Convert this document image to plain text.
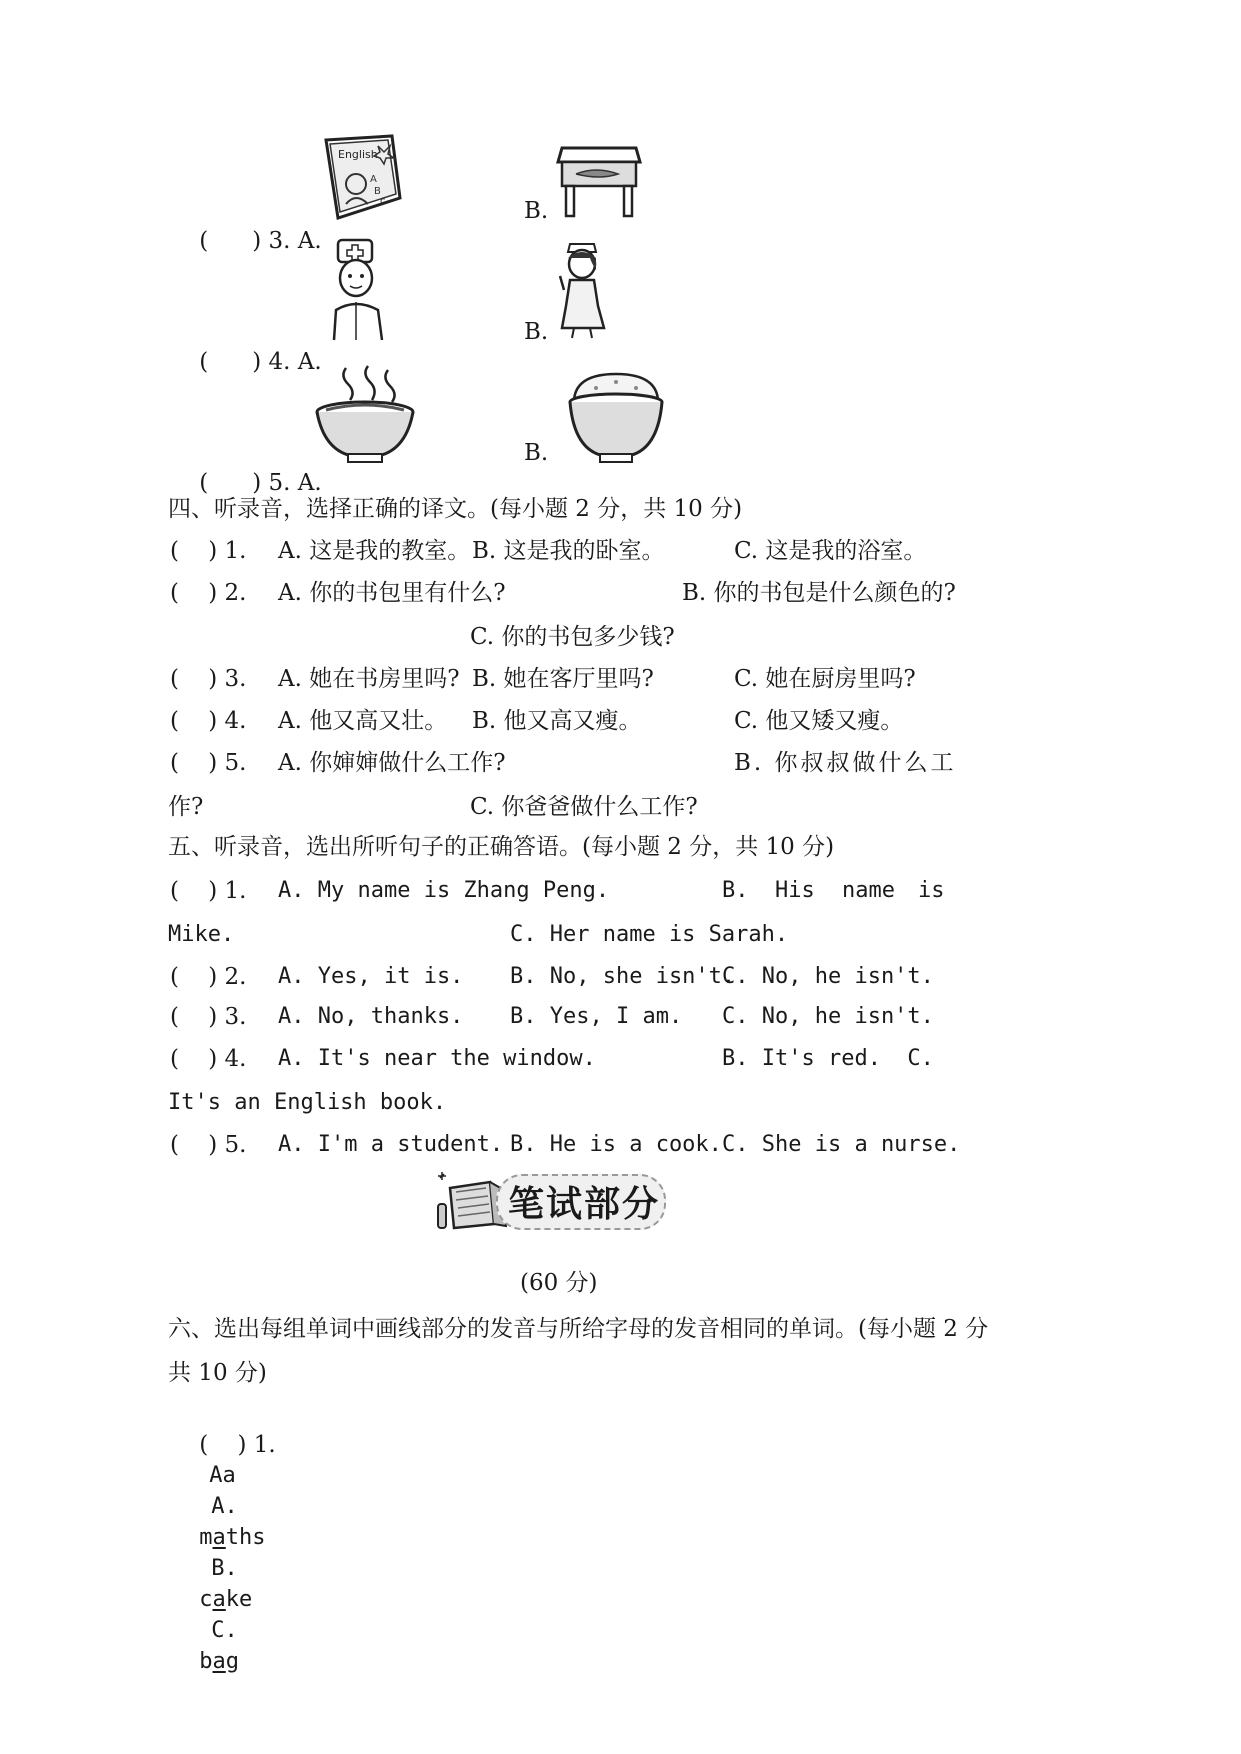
( ) 3. A.

English
A
B
c	B.

( ) 4. A.

B.

( ) 5. A.

B.
四、听录音，选择正确的译文。(每小题 2 分，共 10 分)
(    ) 1. A. 这是我的教室。 B. 这是我的卧室。	C. 这是我的浴室。
(    ) 2. A. 你的书包里有什么?	B. 你的书包是什么颜色的?
C. 你的书包多少钱?
(    ) 3. A. 她在书房里吗? B. 她在客厅里吗?	C. 她在厨房里吗?
(    ) 4. A. 他又高又壮。 B. 他又高又瘦。	C. 他又矮又瘦。
(    ) 5. A. 你婶婶做什么工作?	B. 你叔叔做什么工
作?	C. 你爸爸做什么工作?
五、听录音，选出所听句子的正确答语。(每小题 2 分，共 10 分)
(    ) 1. A. My name is Zhang Peng.	B. His name is
Mike.	C. Her name is Sarah.
(    ) 2. A. Yes, it is. B. No, she isn't.
C. No, he isn't.
(    ) 3. A. No, thanks. B. Yes, I am. C. No, he isn't.
(    ) 4. A. It's near the window.	B. It's red.  C.
It's an English book.
(    ) 5. A. I'm a student. B. He is a cook. C. She is a nurse.
笔试部分
(60 分)
六、选出每组单词中画线部分的发音与所给字母的发音相同的单词。(每小题 2 分
共 10 分)

(    ) 1.
Aa
A.
maths
B.
cake
C.
bag
